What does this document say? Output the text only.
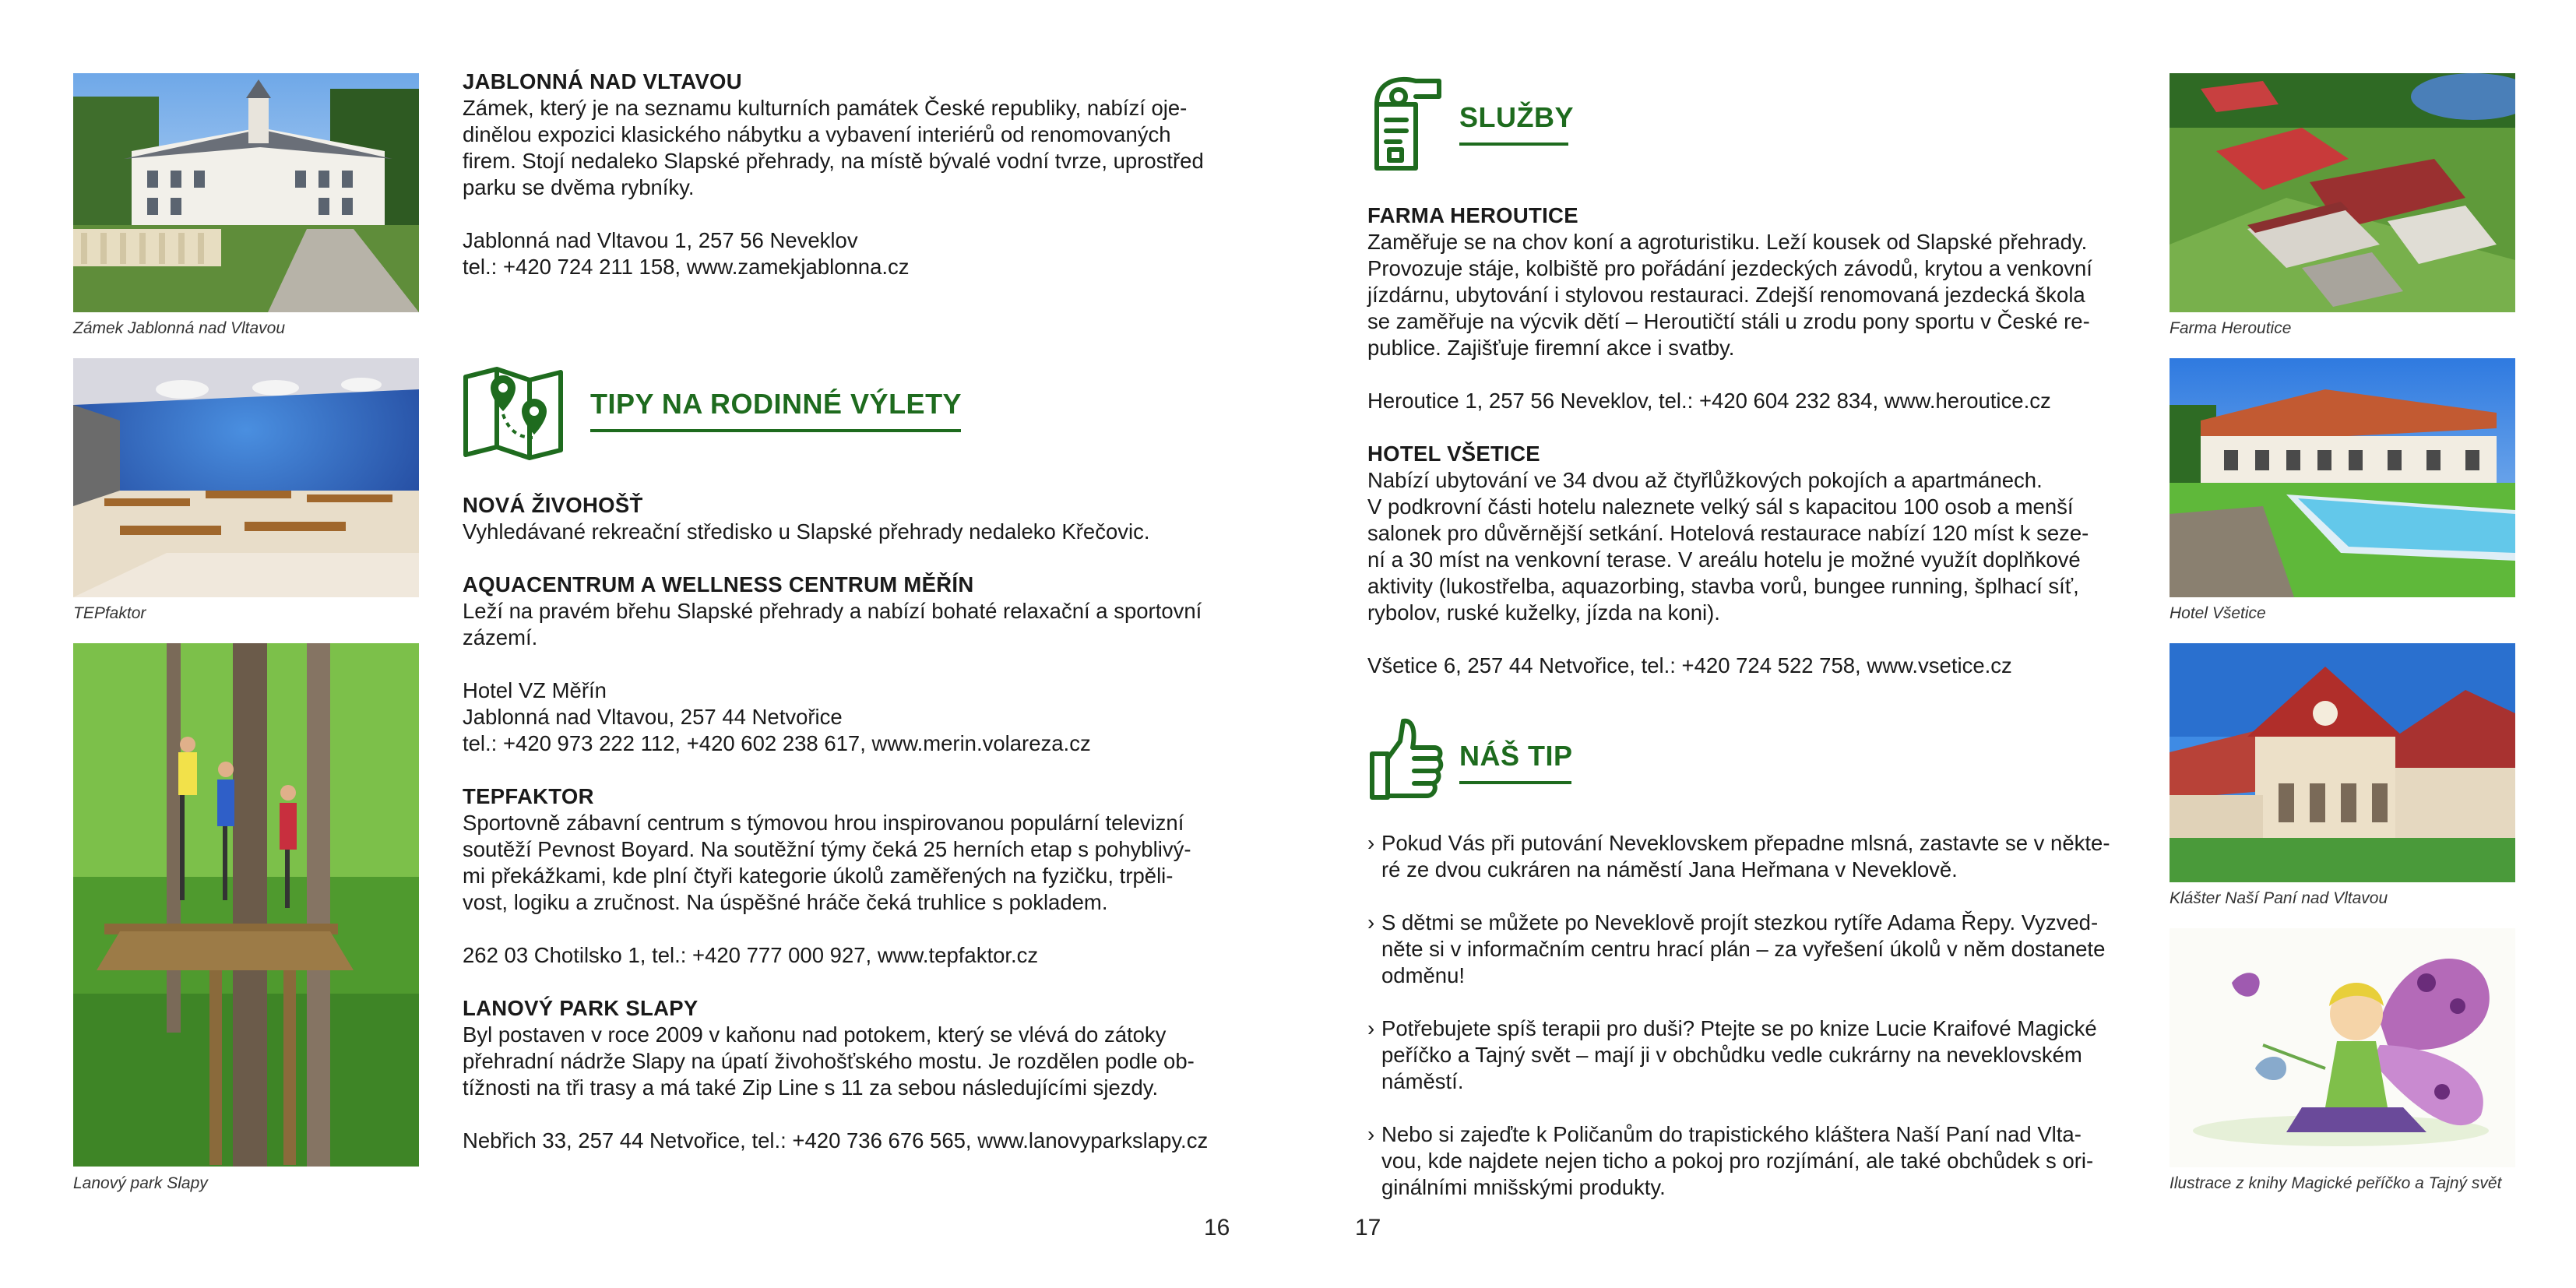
Zámek Jablonná nad Vltavou
TEPfaktor
Lanový park Slapy

JABLONNÁ NAD VLTAVOU

Zámek, který je na seznamu kulturních památek České republiky, nabízí oje-

dinělou expozici klasického nábytku a vybavení interiérů od renomovaných

firem. Stojí nedaleko Slapské přehrady, na místě bývalé vodní tvrze, uprostřed

parku se dvěma rybníky.

Jablonná nad Vltavou 1, 257 56 Neveklov

tel.: +420 724 211 158, www.zamekjablonna.cz

TIPY NA RODINNÉ VÝLETY

NOVÁ ŽIVOHOŠŤ

Vyhledávané rekreační středisko u Slapské přehrady nedaleko Křečovic.

AQUACENTRUM A WELLNESS CENTRUM MĚŘÍN

Leží na pravém břehu Slapské přehrady a nabízí bohaté relaxační a sportovní

zázemí.

Hotel VZ Měřín

Jablonná nad Vltavou, 257 44 Netvořice

tel.: +420 973 222 112, +420 602 238 617, www.merin.volareza.cz

TEPFAKTOR

Sportovně zábavní centrum s týmovou hrou inspirovanou populární televizní

soutěží Pevnost Boyard. Na soutěžní týmy čeká 25 herních etap s pohyblivý-

mi překážkami, kde plní čtyři kategorie úkolů zaměřených na fyzičku, trpěli-

vost, logiku a zručnost. Na úspěšné hráče čeká truhlice s pokladem.

262 03 Chotilsko 1, tel.: +420 777 000 927, www.tepfaktor.cz

LANOVÝ PARK SLAPY

Byl postaven v roce 2009 v kaňonu nad potokem, který se vlévá do zátoky

přehradní nádrže Slapy na úpatí živohošťského mostu. Je rozdělen podle ob-

tížnosti na tři trasy a má také Zip Line s 11 za sebou následujícími sjezdy.

Nebřich 33, 257 44 Netvořice, tel.: +420 736 676 565, www.lanovyparkslapy.cz

16	17
SLUŽBY

FARMA HEROUTICE

Zaměřuje se na chov koní a agroturistiku. Leží kousek od Slapské přehrady.

Provozuje stáje, kolbiště pro pořádání jezdeckých závodů, krytou a venkovní

jízdárnu, ubytování i stylovou restauraci. Zdejší renomovaná jezdecká škola

se zaměřuje na výcvik dětí – Heroutičtí stáli u zrodu pony sportu v České re-

publice. Zajišťuje firemní akce i svatby.

Heroutice 1, 257 56 Neveklov, tel.: +420 604 232 834, www.heroutice.cz

HOTEL VŠETICE

Nabízí ubytování ve 34 dvou až čtyřlůžkových pokojích a apartmánech.

V podkrovní části hotelu naleznete velký sál s kapacitou 100 osob a menší

salonek pro důvěrnější setkání. Hotelová restaurace nabízí 120 míst k seze-

ní a 30 míst na venkovní terase. V areálu hotelu je možné využít doplňkové

aktivity (lukostřelba, aquazorbing, stavba vorů, bungee running, šplhací síť,

rybolov, ruské kuželky, jízda na koni).

Všetice 6, 257 44 Netvořice, tel.: +420 724 522 758, www.vsetice.cz

NÁŠ TIP

› Pokud Vás při putování Neveklovskem přepadne mlsná, zastavte se v někte-

ré ze dvou cukráren na náměstí Jana Heřmana v Neveklově.

› S dětmi se můžete po Neveklově projít stezkou rytíře Adama Řepy. Vyzved-

něte si v informačním centru hrací plán – za vyřešení úkolů v něm dostanete

odměnu!

› Potřebujete spíš terapii pro duši? Ptejte se po knize Lucie Kraifové Magické

peříčko a Tajný svět – mají ji v obchůdku vedle cukrárny na neveklovském

náměstí.

› Nebo si zajeďte k Poličanům do trapistického kláštera Naší Paní nad Vlta-

vou, kde najdete nejen ticho a pokoj pro rozjímání, ale také obchůdek s ori-

ginálními mnišskými produkty.

Farma Heroutice
Hotel Všetice
Klášter Naší Paní nad Vltavou
Ilustrace z knihy Magické peříčko a Tajný svět
